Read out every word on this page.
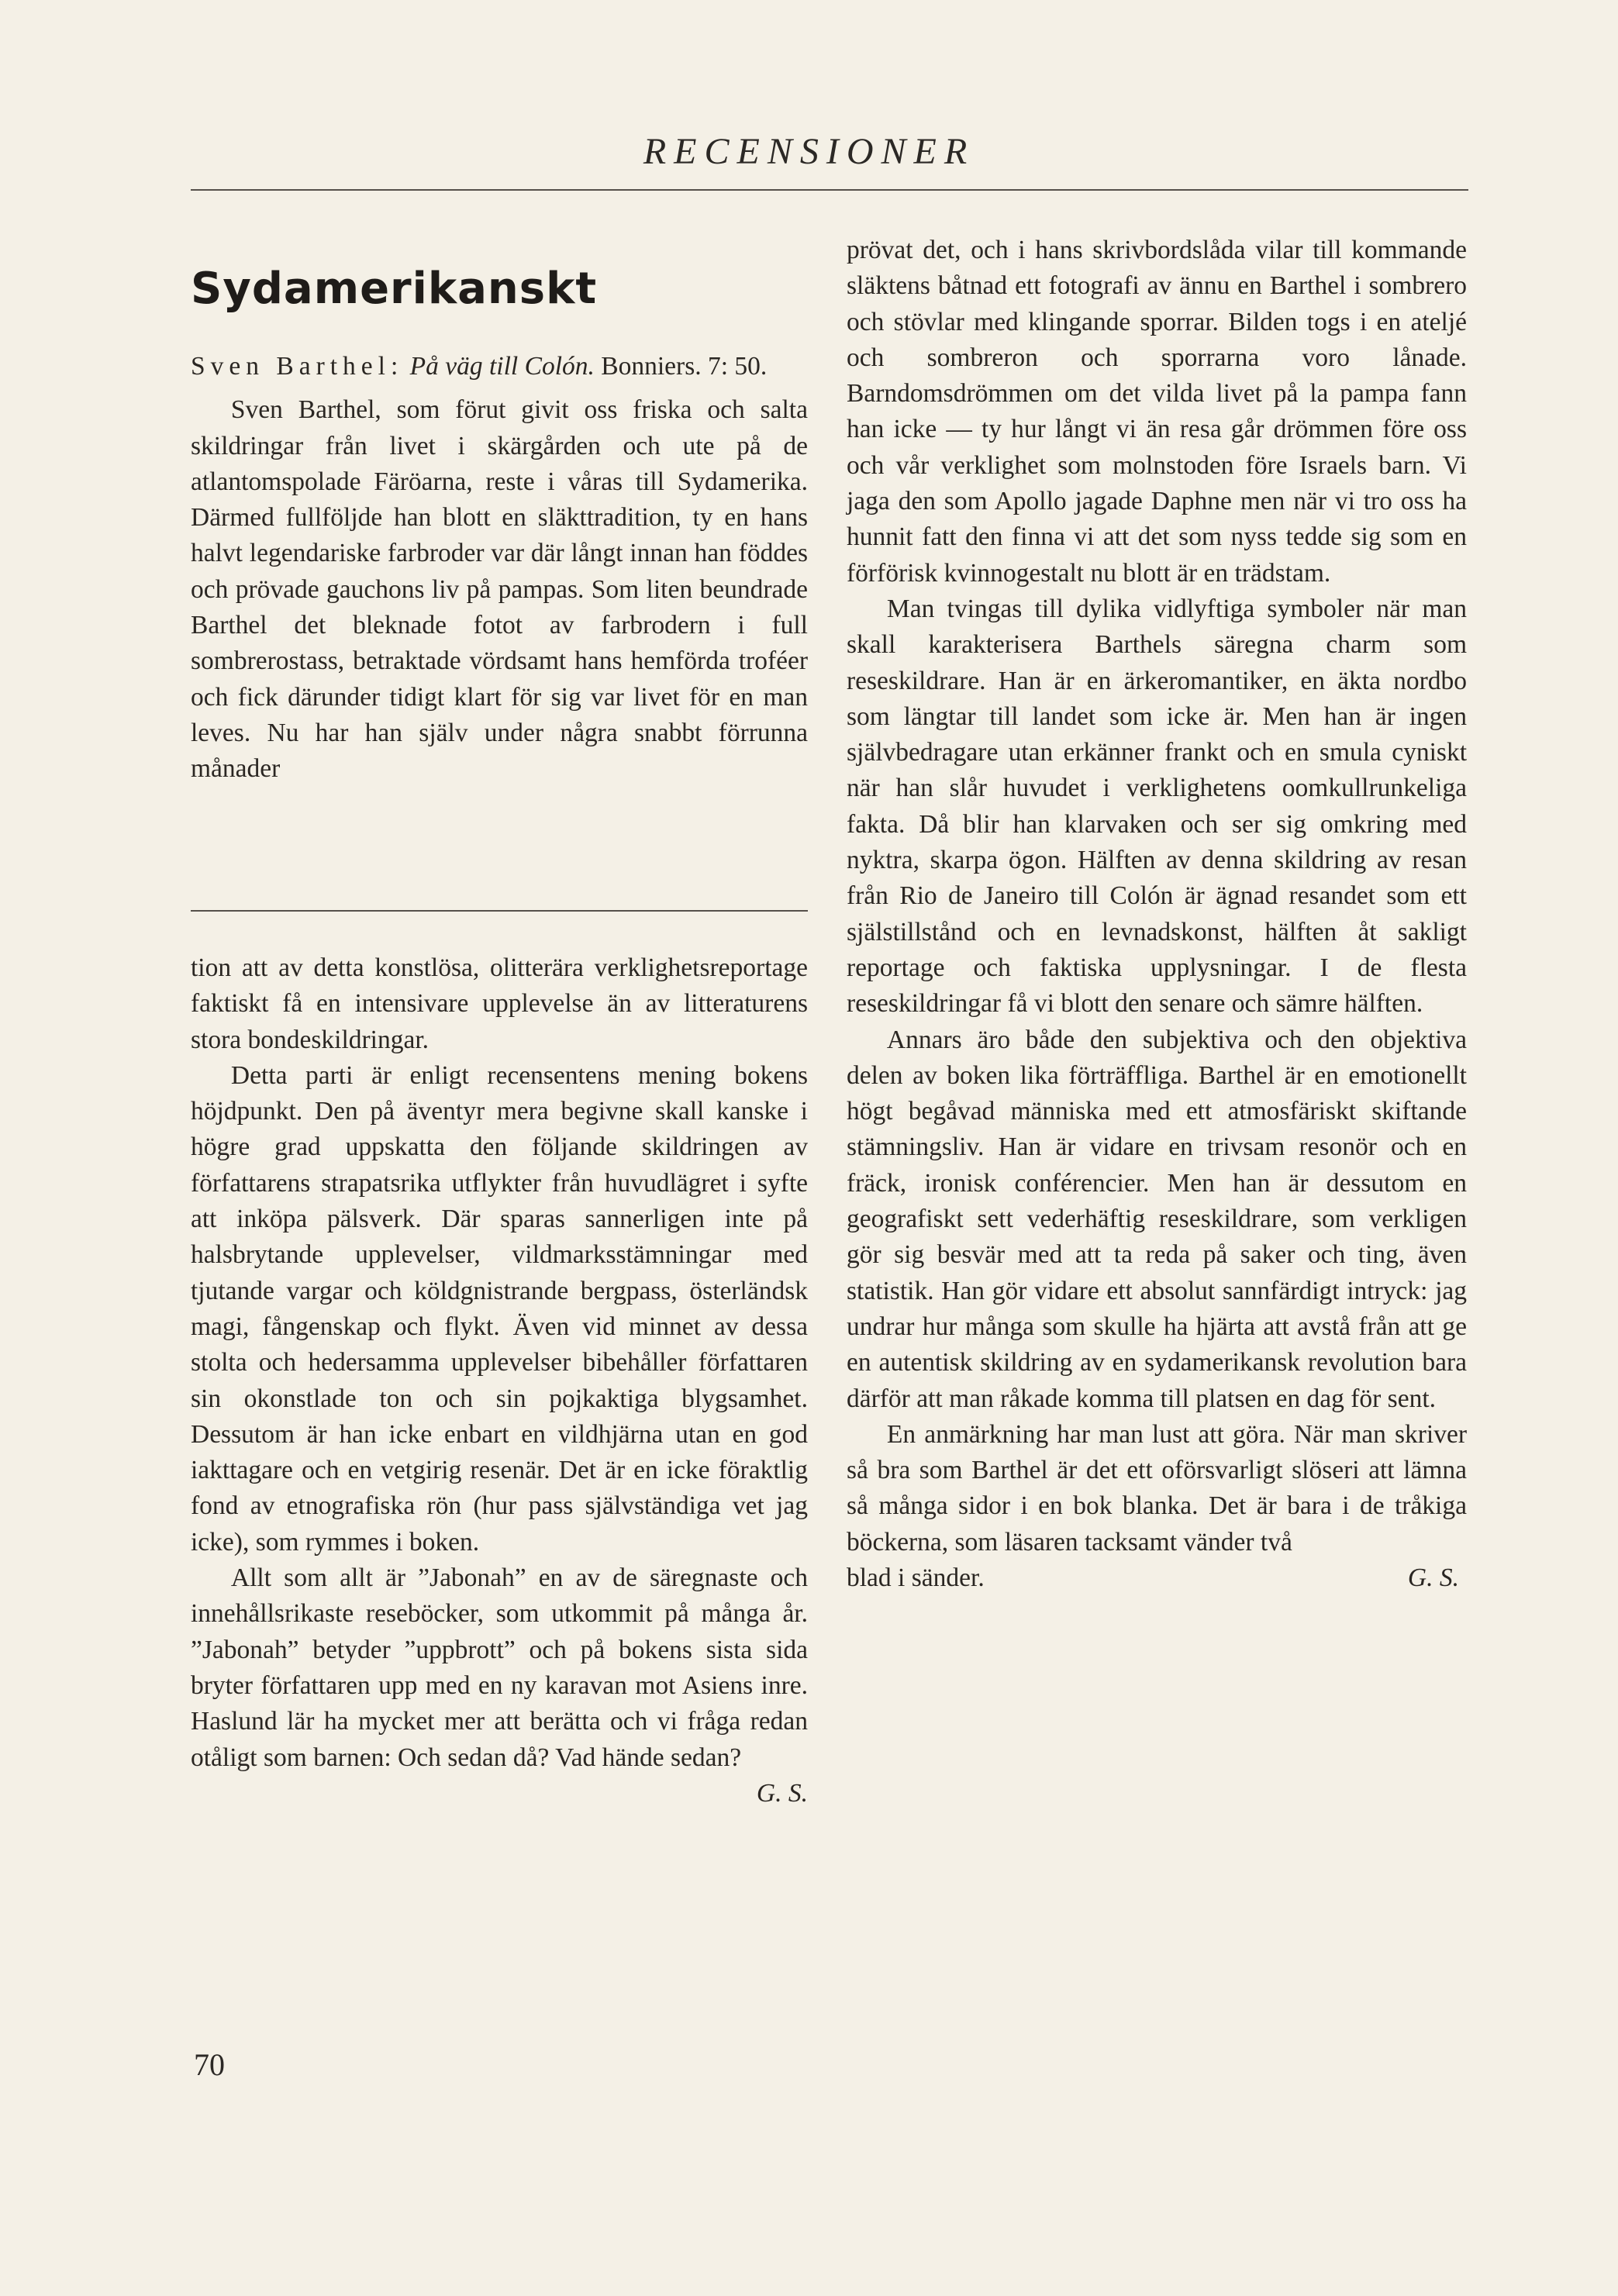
RECENSIONER
Sydamerikanskt

Sven Barthel: På väg till Colón. Bonniers. 7: 50.

Sven Barthel, som förut givit oss friska och salta skildringar från livet i skärgården och ute på de atlantomspolade Färöarna, reste i våras till Sydamerika. Därmed fullföljde han blott en släkttradition, ty en hans halvt legendariske farbroder var där långt innan han föddes och prövade gauchons liv på pampas. Som liten beundrade Barthel det bleknade fotot av farbrodern i full sombrerostass, betraktade vördsamt hans hemförda troféer och fick därunder tidigt klart för sig var livet för en man leves. Nu har han själv under några snabbt förrunna månader

tion att av detta konstlösa, olitterära verklighetsreportage faktiskt få en intensivare upplevelse än av litteraturens stora bondeskildringar.

Detta parti är enligt recensentens mening bokens höjdpunkt. Den på äventyr mera begivne skall kanske i högre grad uppskatta den följande skildringen av författarens strapatsrika utflykter från huvudlägret i syfte att inköpa pälsverk. Där sparas sannerligen inte på halsbrytande upplevelser, vildmarksstämningar med tjutande vargar och köldgnistrande bergpass, österländsk magi, fångenskap och flykt. Även vid minnet av dessa stolta och hedersamma upplevelser bibehåller författaren sin okonstlade ton och sin pojkaktiga blygsamhet. Dessutom är han icke enbart en vildhjärna utan en god iakttagare och en vetgirig resenär. Det är en icke föraktlig fond av etnografiska rön (hur pass självständiga vet jag icke), som rymmes i boken.

Allt som allt är ”Jabonah” en av de säregnaste och innehållsrikaste reseböcker, som utkommit på många år. ”Jabonah” betyder ”uppbrott” och på bokens sista sida bryter författaren upp med en ny karavan mot Asiens inre. Haslund lär ha mycket mer att berätta och vi fråga redan otåligt som barnen: Och sedan då? Vad hände sedan?

G. S.

prövat det, och i hans skrivbordslåda vilar till kommande släktens båtnad ett fotografi av ännu en Barthel i sombrero och stövlar med klingande sporrar. Bilden togs i en ateljé och sombreron och sporrarna voro lånade. Barndomsdrömmen om det vilda livet på la pampa fann han icke — ty hur långt vi än resa går drömmen före oss och vår verklighet som molnstoden före Israels barn. Vi jaga den som Apollo jagade Daphne men när vi tro oss ha hunnit fatt den finna vi att det som nyss tedde sig som en förförisk kvinnogestalt nu blott är en trädstam.

Man tvingas till dylika vidlyftiga symboler när man skall karakterisera Barthels säregna charm som reseskildrare. Han är en ärkeromantiker, en äkta nordbo som längtar till landet som icke är. Men han är ingen självbedragare utan erkänner frankt och en smula cyniskt när han slår huvudet i verklighetens oomkullrunkeliga fakta. Då blir han klarvaken och ser sig omkring med nyktra, skarpa ögon. Hälften av denna skildring av resan från Rio de Janeiro till Colón är ägnad resandet som ett själstillstånd och en levnadskonst, hälften åt sakligt reportage och faktiska upplysningar. I de flesta reseskildringar få vi blott den senare och sämre hälften.

Annars äro både den subjektiva och den objektiva delen av boken lika förträffliga. Barthel är en emotionellt högt begåvad människa med ett atmosfäriskt skiftande stämningsliv. Han är vidare en trivsam resonör och en fräck, ironisk conférencier. Men han är dessutom en geografiskt sett vederhäftig reseskildrare, som verkligen gör sig besvär med att ta reda på saker och ting, även statistik. Han gör vidare ett absolut sannfärdigt intryck: jag undrar hur många som skulle ha hjärta att avstå från att ge en autentisk skildring av en sydamerikansk revolution bara därför att man råkade komma till platsen en dag för sent.

En anmärkning har man lust att göra. När man skriver så bra som Barthel är det ett oförsvarligt slöseri att lämna så många sidor i en bok blanka. Det är bara i de tråkiga böckerna, som läsaren tacksamt vänder två

blad i sänder.	G. S.

70
